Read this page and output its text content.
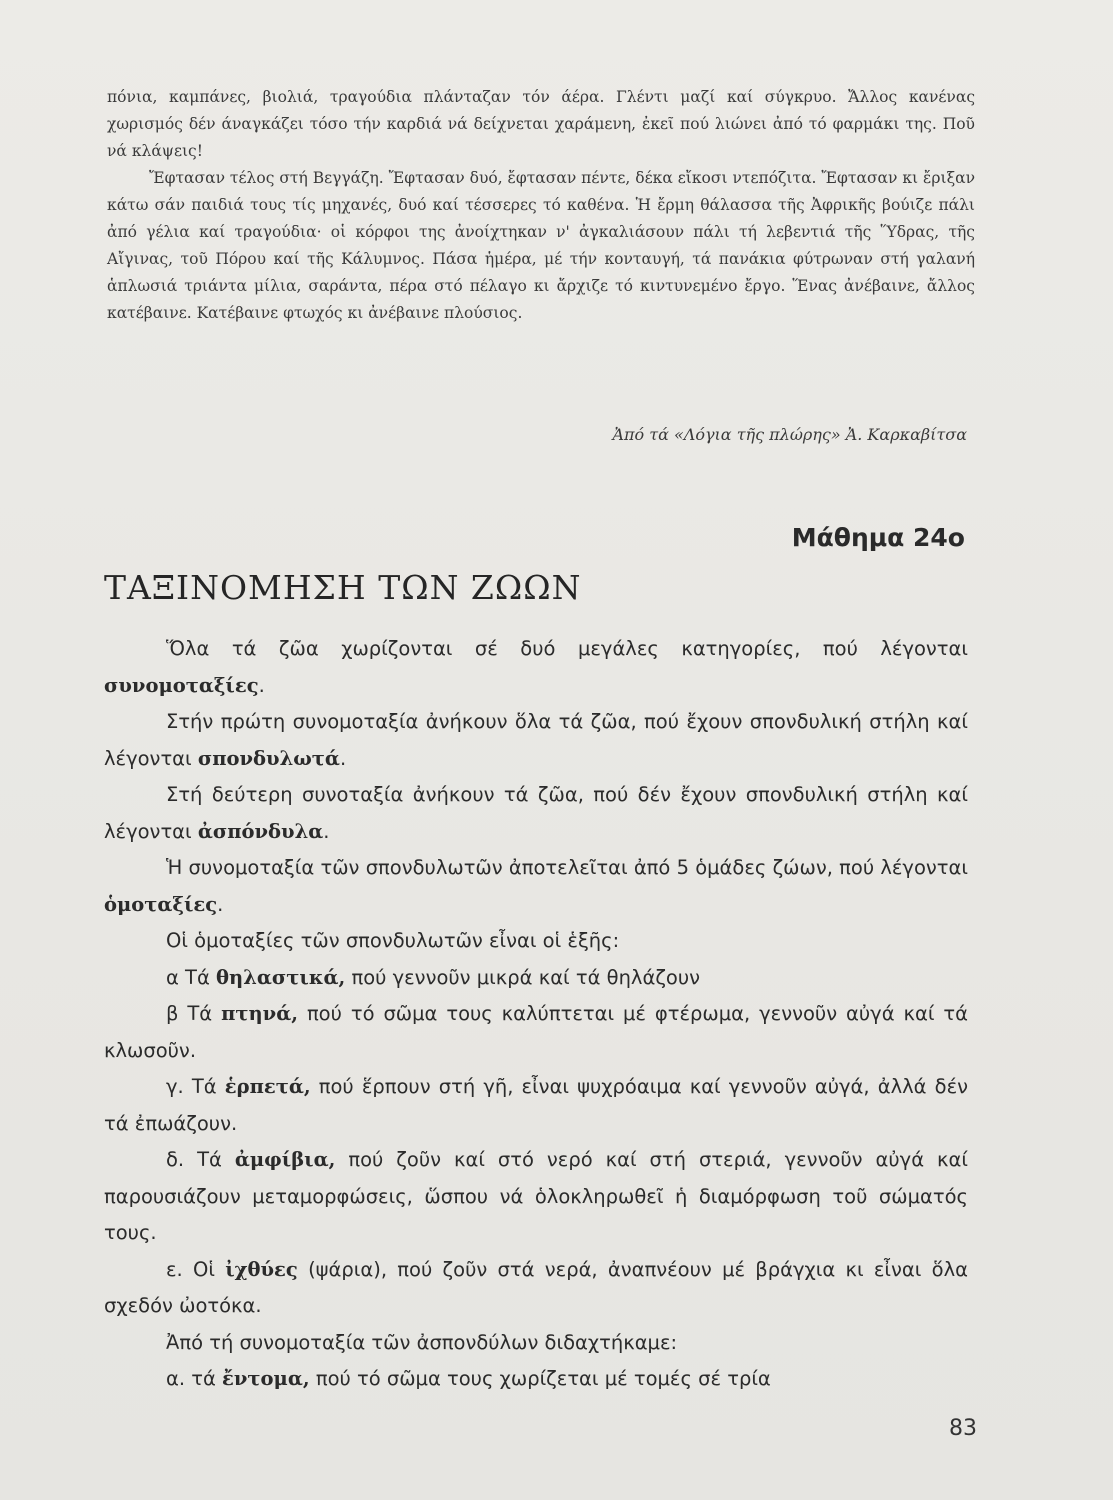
πόνια, καμπάνες, βιολιά, τραγούδια πλάνταζαν τόν άέρα. Γλέντι μαζί καί σύγκρυο. Ἄλλος κανένας χωρισμός δέν άναγκάζει τόσο τήν καρδιά νά δείχνεται χαράμενη, ἐκεῖ πού λιώνει ἀπό τό φαρμάκι της. Ποῦ νά κλάψεις!

Ἔφτασαν τέλος στή Βεγγάζη. Ἔφτασαν δυό, ἔφτασαν πέντε, δέκα εἴκοσι ντεπόζιτα. Ἔφτασαν κι ἔριξαν κάτω σάν παιδιά τους τίς μηχανές, δυό καί τέσσερες τό καθένα. Ἡ ἔρμη θάλασσα τῆς Ἀφρικῆς βούιζε πάλι ἀπό γέλια καί τραγούδια· οἱ κόρφοι της ἀνοίχτηκαν ν' ἀγκαλιάσουν πάλι τή λεβεντιά τῆς Ὕδρας, τῆς Αἴγινας, τοῦ Πόρου καί τῆς Κάλυμνος. Πάσα ἡμέρα, μέ τήν κονταυγή, τά πανάκια φύτρωναν στή γαλανή ἁπλωσιά τριάντα μίλια, σαράντα, πέρα στό πέλαγο κι ἄρχιζε τό κιντυνεμένο ἔργο. Ἕνας ἀνέβαινε, ἄλλος κατέβαινε. Κατέβαινε φτωχός κι ἀνέβαινε πλούσιος.

Ἀπό τά «Λόγια τῆς πλώρης» Ἀ. Καρκαβίτσα
Μάθημα 24ο
ΤΑΞΙΝΟΜΗΣΗ ΤΩΝ ΖΩΩΝ

Ὅλα τά ζῶα χωρίζονται σέ δυό μεγάλες κατηγορίες, πού λέγονται συνομοταξίες.

Στήν πρώτη συνομοταξία ἀνήκουν ὅλα τά ζῶα, πού ἔχουν σπονδυλική στήλη καί λέγονται σπονδυλωτά.

Στή δεύτερη συνοταξία ἀνήκουν τά ζῶα, πού δέν ἔχουν σπονδυλική στήλη καί λέγονται ἀσπόνδυλα.

Ἡ συνομοταξία τῶν σπονδυλωτῶν ἀποτελεῖται ἀπό 5 ὁμάδες ζώων, πού λέγονται ὁμοταξίες.

Οἱ ὁμοταξίες τῶν σπονδυλωτῶν εἶναι οἱ ἑξῆς:

α Τά θηλαστικά, πού γεννοῦν μικρά καί τά θηλάζουν

β Τά πτηνά, πού τό σῶμα τους καλύπτεται μέ φτέρωμα, γεννοῦν αὐγά καί τά κλωσοῦν.

γ. Τά ἑρπετά, πού ἕρπουν στή γῆ, εἶναι ψυχρόαιμα καί γεννοῦν αὐγά, ἀλλά δέν τά ἐπωάζουν.

δ. Τά ἀμφίβια, πού ζοῦν καί στό νερό καί στή στεριά, γεννοῦν αὐγά καί παρουσιάζουν μεταμορφώσεις, ὥσπου νά ὁλοκληρωθεῖ ἡ διαμόρφωση τοῦ σώματός τους.

ε. Οἱ ἰχθύες (ψάρια), πού ζοῦν στά νερά, ἀναπνέουν μέ βράγχια κι εἶναι ὅλα σχεδόν ὠοτόκα.

Ἀπό τή συνομοταξία τῶν ἀσπονδύλων διδαχτήκαμε:

α. τά ἔντομα, πού τό σῶμα τους χωρίζεται μέ τομές σέ τρία

83
